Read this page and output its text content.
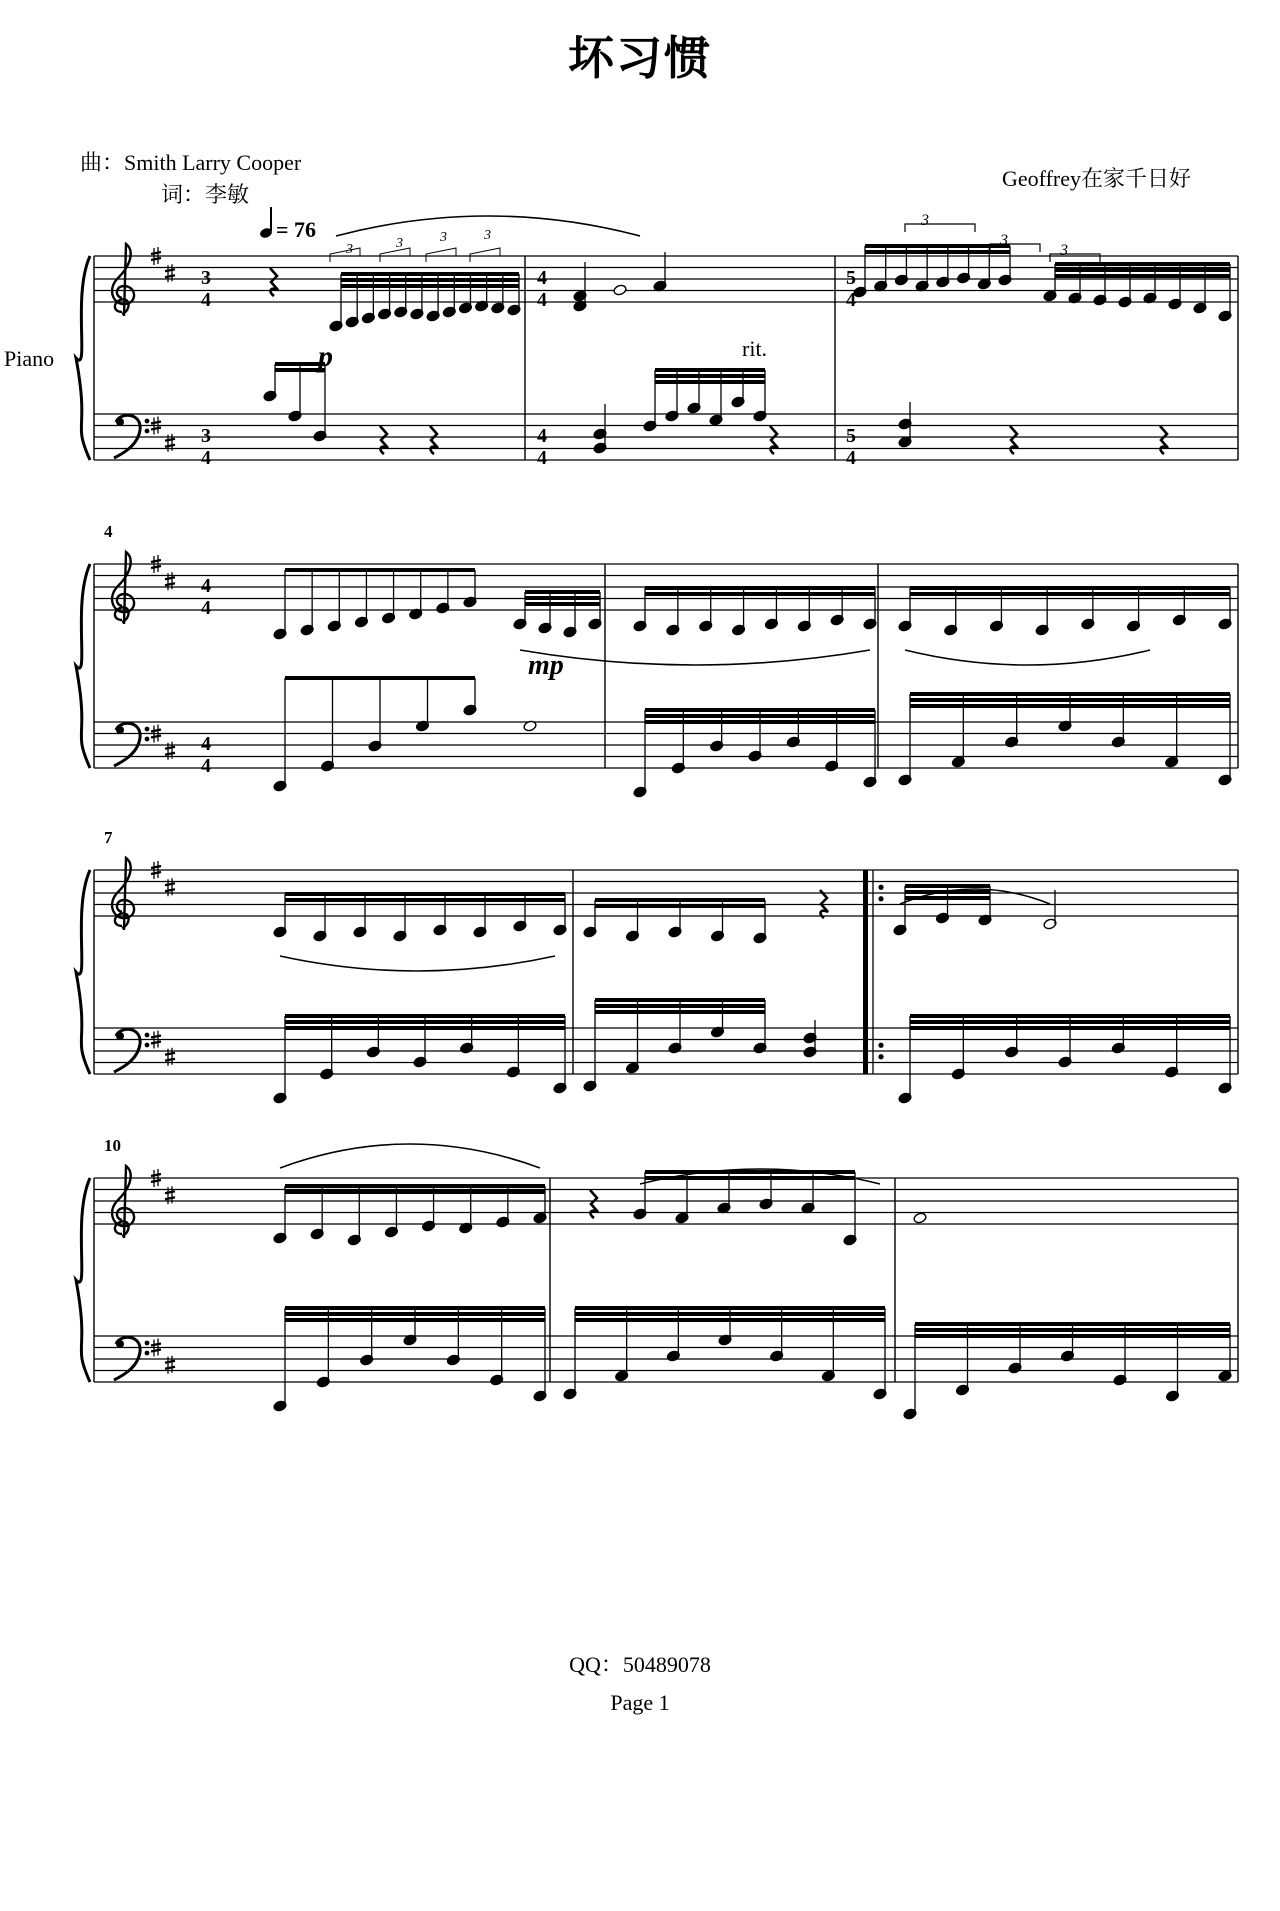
坏习惯
曲：Smith Larry Cooper
词：李敏
Geoffrey在家千日好
Piano
= 76
p
mp
rit.
4
7
10
3
4
3
4
4
4
4
4
5
4
5
4
4
4
4
4
3	3	3	3
3
3
3
QQ：50489078
Page 1
